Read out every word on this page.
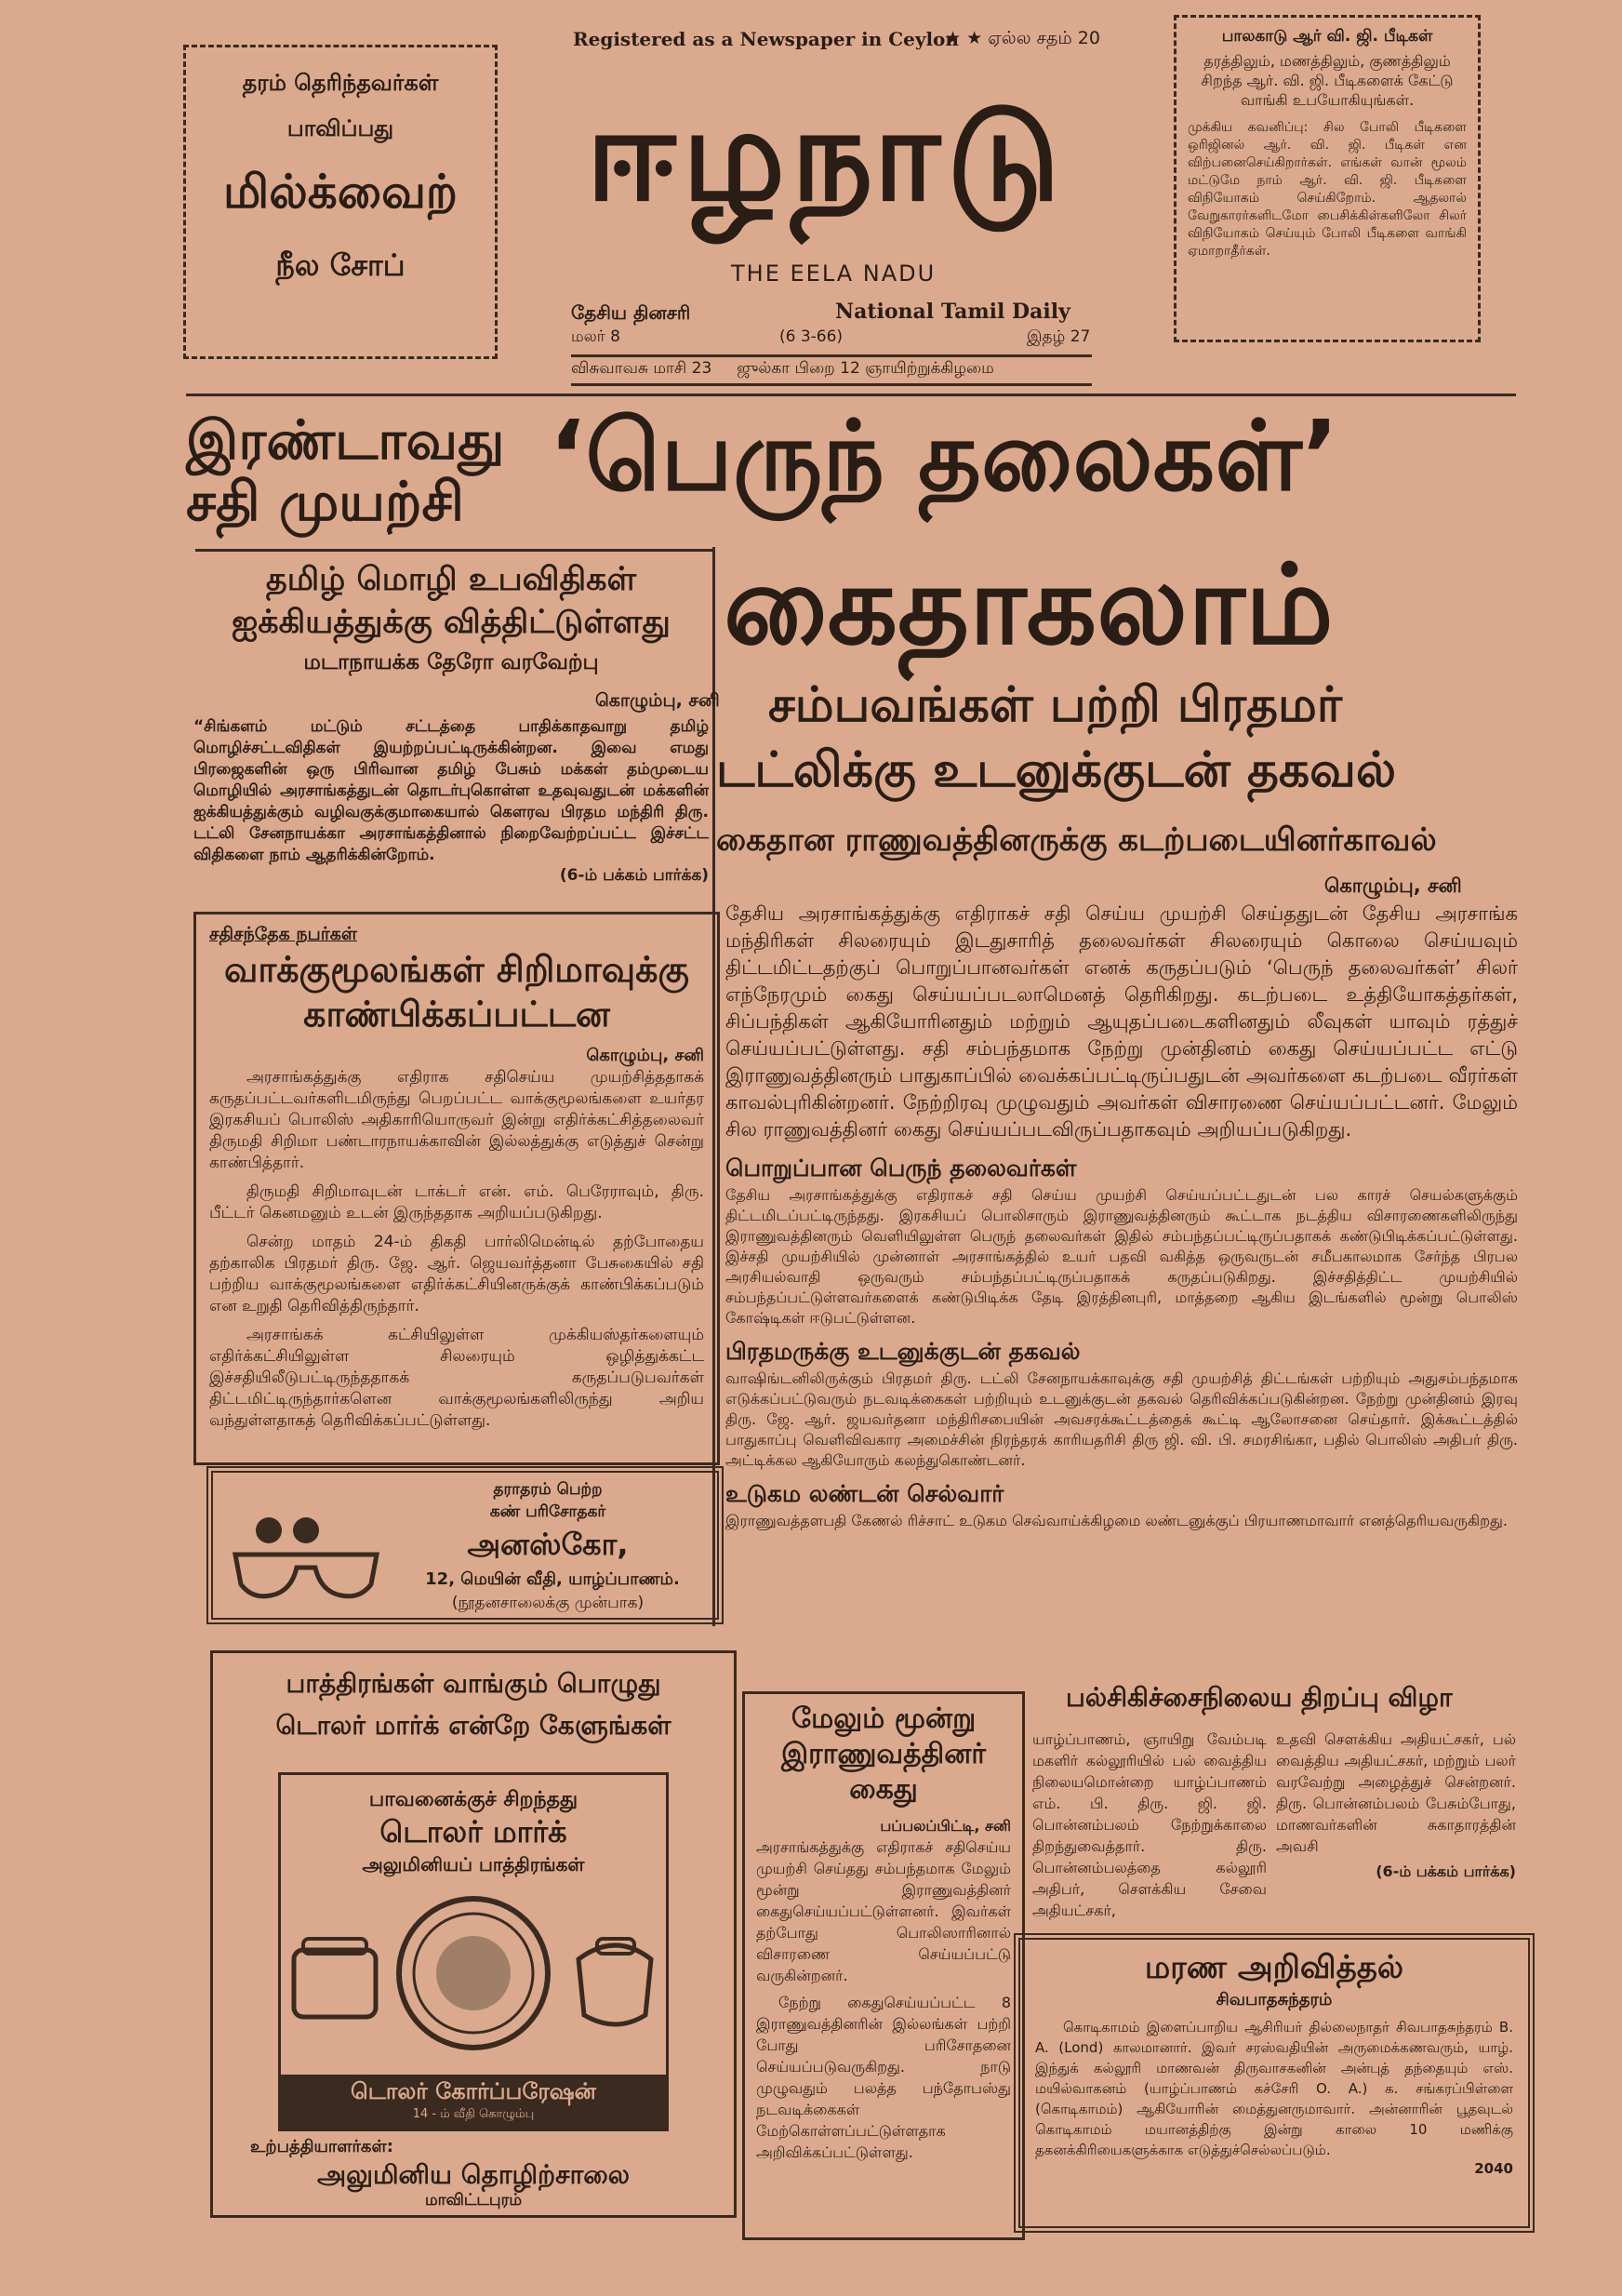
Registered as a Newspaper in Ceylon
★ ★ ஏல்ல சதம் 20
ஈழநாடு
THE EELA NADU
தேசிய தினசரி	National Tamil Daily
மலர் 8	(6 3-66)	இதழ் 27
விசுவாவசு மாசி 23     ஜுல்கா பிறை 12 ஞாயிற்றுக்கிழமை
தரம் தெரிந்தவர்கள்
பாவிப்பது
மில்க்வைற்
நீல சோப்
பாலகாடு ஆர் வி. ஜி. பீடிகள்
தரத்திலும், மணத்திலும், குணத்திலும் சிறந்த ஆர். வி. ஜி. பீடிகளைக் கேட்டு வாங்கி உபயோகியுங்கள்.
முக்கிய கவனிப்பு: சில போலி பீடிகளை ஒரிஜினல் ஆர். வி. ஜி. பீடிகள் என விற்பனைசெய்கிறார்கள். எங்கள் வான் மூலம் மட்டுமே நாம் ஆர். வி. ஜி. பீடிகளை விநியோகம் செய்கிறோம். ஆதலால் வேறுகாரர்களிடமோ பைசிக்கிள்களிலோ சிலர் விநியோகம் செய்யும் போலி பீடிகளை வாங்கி ஏமாறாதீர்கள்.
இரண்டாவது சதி முயற்சி ‘பெருந் தலைகள்’
கைதாகலாம்
சம்பவங்கள் பற்றி பிரதமர்
டட்லிக்கு உடனுக்குடன் தகவல்
கைதான ராணுவத்தினருக்கு கடற்படையினர்காவல்
தமிழ் மொழி உபவிதிகள்
ஐக்கியத்துக்கு வித்திட்டுள்ளது
மடாநாயக்க தேரோ வரவேற்பு
கொழும்பு, சனி

“சிங்களம் மட்டும் சட்டத்தை பாதிக்காதவாறு தமிழ் மொழிச்சட்டவிதிகள் இயற்றப்பட்டிருக்கின்றன. இவை எமது பிரஜைகளின் ஒரு பிரிவான தமிழ் பேசும் மக்கள் தம்முடைய மொழியில் அரசாங்கத்துடன் தொடர்புகொள்ள உதவுவதுடன் மக்களின் ஐக்கியத்துக்கும் வழிவகுக்குமாகையால் கௌரவ பிரதம மந்திரி திரு. டட்லி சேனநாயக்கா அரசாங்கத்தினால் நிறைவேற்றப்பட்ட இச்சட்ட விதிகளை நாம் ஆதரிக்கின்றோம்.

(6-ம் பக்கம் பார்க்க)
சதிசந்தேக நபர்கள்
வாக்குமூலங்கள் சிறிமாவுக்கு
காண்பிக்கப்பட்டன
கொழும்பு, சனி

அரசாங்கத்துக்கு எதிராக சதிசெய்ய முயற்சித்ததாகக் கருதப்பட்டவர்களிடமிருந்து பெறப்பட்ட வாக்குமூலங்களை உயர்தர இரகசியப் பொலிஸ் அதிகாரியொருவர் இன்று எதிர்க்கட்சித்தலைவர் திருமதி சிறிமா பண்டாரநாயக்காவின் இல்லத்துக்கு எடுத்துச் சென்று காண்பித்தார்.

திருமதி சிறிமாவுடன் டாக்டர் என். எம். பெரேராவும், திரு. பீட்டர் கெனமனும் உடன் இருந்ததாக அறியப்படுகிறது.

சென்ற மாதம் 24-ம் திகதி பார்லிமென்டில் தற்போதைய தற்காலிக பிரதமர் திரு. ஜே. ஆர். ஜெயவர்த்தனா பேசுகையில் சதி பற்றிய வாக்குமூலங்களை எதிர்க்கட்சியினருக்குக் காண்பிக்கப்படும் என உறுதி தெரிவித்திருந்தார்.

அரசாங்கக் கட்சியிலுள்ள முக்கியஸ்தர்களையும் எதிர்க்கட்சியிலுள்ள சிலரையும் ஒழித்துக்கட்ட இச்சதியிலீடுபட்டிருந்ததாகக் கருதப்படுபவர்கள் திட்டமிட்டிருந்தார்களென வாக்குமூலங்களிலிருந்து அறிய வந்துள்ளதாகத் தெரிவிக்கப்பட்டுள்ளது.

தராதரம் பெற்ற
கண் பரிசோதகர்
அனஸ்கோ,
12, மெயின் வீதி, யாழ்ப்பாணம்.
(நூதனசாலைக்கு முன்பாக)
கொழும்பு, சனி

தேசிய அரசாங்கத்துக்கு எதிராகச் சதி செய்ய முயற்சி செய்ததுடன் தேசிய அரசாங்க மந்திரிகள் சிலரையும் இடதுசாரித் தலைவர்கள் சிலரையும் கொலை செய்யவும் திட்டமிட்டதற்குப் பொறுப்பானவர்கள் எனக் கருதப்படும் ‘பெருந் தலைவர்கள்’ சிலர் எந்நேரமும் கைது செய்யப்படலாமெனத் தெரிகிறது. கடற்படை உத்தியோகத்தர்கள், சிப்பந்திகள் ஆகியோரினதும் மற்றும் ஆயுதப்படைகளினதும் லீவுகள் யாவும் ரத்துச் செய்யப்பட்டுள்ளது. சதி சம்பந்தமாக நேற்று முன்தினம் கைது செய்யப்பட்ட எட்டு இராணுவத்தினரும் பாதுகாப்பில் வைக்கப்பட்டிருப்பதுடன் அவர்களை கடற்படை வீரர்கள் காவல்புரிகின்றனர். நேற்றிரவு முழுவதும் அவர்கள் விசாரணை செய்யப்பட்டனர். மேலும் சில ராணுவத்தினர் கைது செய்யப்படவிருப்பதாகவும் அறியப்படுகிறது.

பொறுப்பான பெருந் தலைவர்கள்

தேசிய அரசாங்கத்துக்கு எதிராகச் சதி செய்ய முயற்சி செய்யப்பட்டதுடன் பல காரச் செயல்களுக்கும் திட்டமிடப்பட்டிருந்தது. இரகசியப் பொலிசாரும் இராணுவத்தினரும் கூட்டாக நடத்திய விசாரணைகளிலிருந்து இராணுவத்தினரும் வெளியிலுள்ள பெருந் தலைவர்கள் இதில் சம்பந்தப்பட்டிருப்பதாகக் கண்டுபிடிக்கப்பட்டுள்ளது. இச்சதி முயற்சியில் முன்னாள் அரசாங்கத்தில் உயர் பதவி வகித்த ஒருவருடன் சமீபகாலமாக சேர்ந்த பிரபல அரசியல்வாதி ஒருவரும் சம்பந்தப்பட்டிருப்பதாகக் கருதப்படுகிறது. இச்சதித்திட்ட முயற்சியில் சம்பந்தப்பட்டுள்ளவர்களைக் கண்டுபிடிக்க தேடி இரத்தினபுரி, மாத்தறை ஆகிய இடங்களில் மூன்று பொலிஸ் கோஷ்டிகள் ஈடுபட்டுள்ளன.

பிரதமருக்கு உடனுக்குடன் தகவல்

வாஷிங்டனிலிருக்கும் பிரதமர் திரு. டட்லி சேனநாயக்காவுக்கு சதி முயற்சித் திட்டங்கள் பற்றியும் அதுசம்பந்தமாக எடுக்கப்பட்டுவரும் நடவடிக்கைகள் பற்றியும் உடனுக்குடன் தகவல் தெரிவிக்கப்படுகின்றன. நேற்று முன்தினம் இரவு திரு. ஜே. ஆர். ஜயவர்தனா மந்திரிசபையின் அவசரக்கூட்டத்தைக் கூட்டி ஆலோசனை செய்தார். இக்கூட்டத்தில் பாதுகாப்பு வெளிவிவகார அமைச்சின் நிரந்தரக் காரியதரிசி திரு ஜி. வி. பி. சமரசிங்கா, பதில் பொலிஸ் அதிபர் திரு. அட்டிக்கல ஆகியோரும் கலந்துகொண்டனர்.

உடுகம லண்டன் செல்வார்

இராணுவத்தளபதி கேணல் ரிச்சாட் உடுகம செவ்வாய்க்கிழமை லண்டனுக்குப் பிரயாணமாவார் எனத்தெரியவருகிறது.

பாத்திரங்கள் வாங்கும் பொழுது
டொலர் மார்க் என்றே கேளுங்கள்
பாவனைக்குச் சிறந்தது
டொலர் மார்க்
அலுமினியப் பாத்திரங்கள்
டொலர் கோர்ப்பரேஷன்
14 - ம் வீதி கொழும்பு
உற்பத்தியாளர்கள்:
அலுமினிய தொழிற்சாலை
மாவிட்டபுரம்
மேலும் மூன்று
இராணுவத்தினர்
கைது
பப்பலப்பிட்டி, சனி

அரசாங்கத்துக்கு எதிராகச் சதிசெய்ய முயற்சி செய்தது சம்பந்தமாக மேலும் மூன்று இராணுவத்தினர் கைதுசெய்யப்பட்டுள்ளனர். இவர்கள் தற்போது பொலிஸாரினால் விசாரணை செய்யப்பட்டு வருகின்றனர்.

நேற்று கைதுசெய்யப்பட்ட 8 இராணுவத்தினரின் இல்லங்கள் பற்றி போது பரிசோதனை செய்யப்படுவருகிறது. நாடு முழுவதும் பலத்த பந்தோபஸ்து நடவடிக்கைகள் மேற்கொள்ளப்பட்டுள்ளதாக அறிவிக்கப்பட்டுள்ளது.

பல்சிகிச்சைநிலைய திறப்பு விழா

யாழ்ப்பாணம், ஞாயிறு வேம்படி மகளிர் கல்லூரியில் பல் வைத்திய நிலையமொன்றை யாழ்ப்பாணம் எம். பி. திரு. ஜி. ஜி. பொன்னம்பலம் நேற்றுக்காலை திறந்துவைத்தார். திரு. பொன்னம்பலத்தை கல்லூரி அதிபர், சௌக்கிய சேவை அதியட்சகர்,

உதவி சௌக்கிய அதியட்சகர், பல் வைத்திய அதியட்சகர், மற்றும் பலர் வரவேற்று அழைத்துச் சென்றனர். திரு. பொன்னம்பலம் பேசும்போது, மாணவர்களின் சுகாதாரத்தின் அவசி

(6-ம் பக்கம் பார்க்க)
மரண அறிவித்தல்
சிவபாதசுந்தரம்

கொடிகாமம் இளைப்பாறிய ஆசிரியர் தில்லைநாதர் சிவபாதசுந்தரம் B. A. (Lond) காலமானார். இவர் சரஸ்வதியின் அருமைக்கணவரும், யாழ். இந்துக் கல்லூரி மாணவன் திருவாசகனின் அன்புத் தந்தையும் எஸ். மயில்வாகனம் (யாழ்ப்பாணம் கச்சேரி O. A.) க. சங்கரப்பிள்ளை (கொடிகாமம்) ஆகியோரின் மைத்துனருமாவார். அன்னாரின் பூதவுடல் கொடிகாமம் மயானத்திற்கு இன்று காலை 10 மணிக்கு தகனக்கிரியைகளுக்காக எடுத்துச்செல்லப்படும்.

2040
